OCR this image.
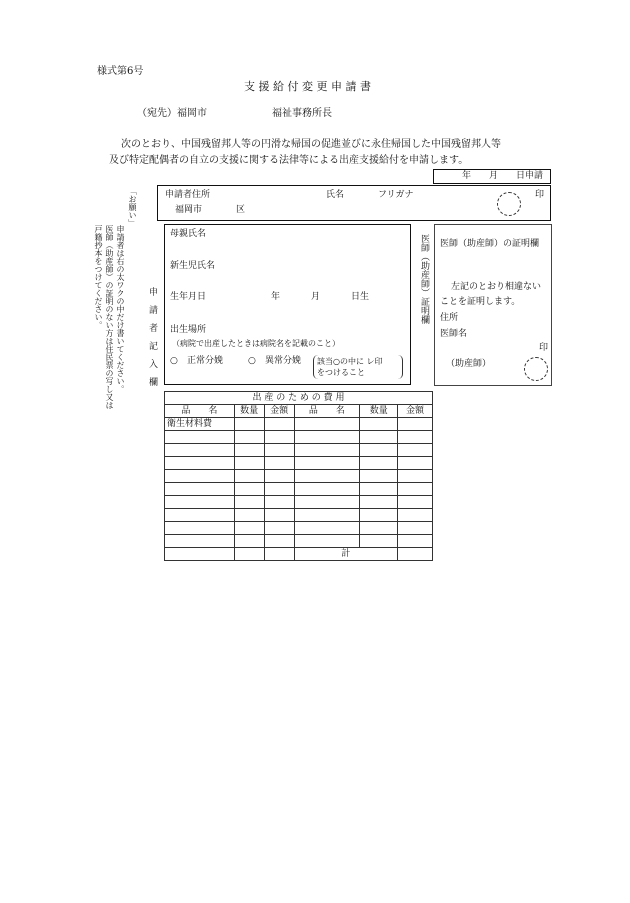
様式第6号
支 援 給 付 変 更 申 請 書
（宛先）福岡市	福祉事務所長
次のとおり、中国残留邦人等の円滑な帰国の促進並びに永住帰国した中国残留邦人等
及び特定配偶者の自立の支援に関する法律等による出産支援給付を申請します。
年　　月　　日申請
「お願い」
申請者は右の太ワクの中だけ書いてください。
医師（助産師）の証明のない方は住民票の写し又は
戸籍抄本をつけてください。
申　請　者　記　入　欄
申請者住所	氏名	フリガナ
福岡市	区
印
母親氏名
新生児氏名
生年月日	年	月	日生
出生場所
（病院で出産したときは病院名を記載のこと）
○ 正常分娩	○ 異常分娩 該当○の中に レ印
をつけること
医師（助産師）証明欄 医師（助産師）の証明欄
左記のとおり相違ない
ことを証明します。
住所
医師名
印
（助産師）
出 産 の た め の 費 用					
品　　名	数量	金額	品　　名	数量	金額
衛生材料費					

			計		
